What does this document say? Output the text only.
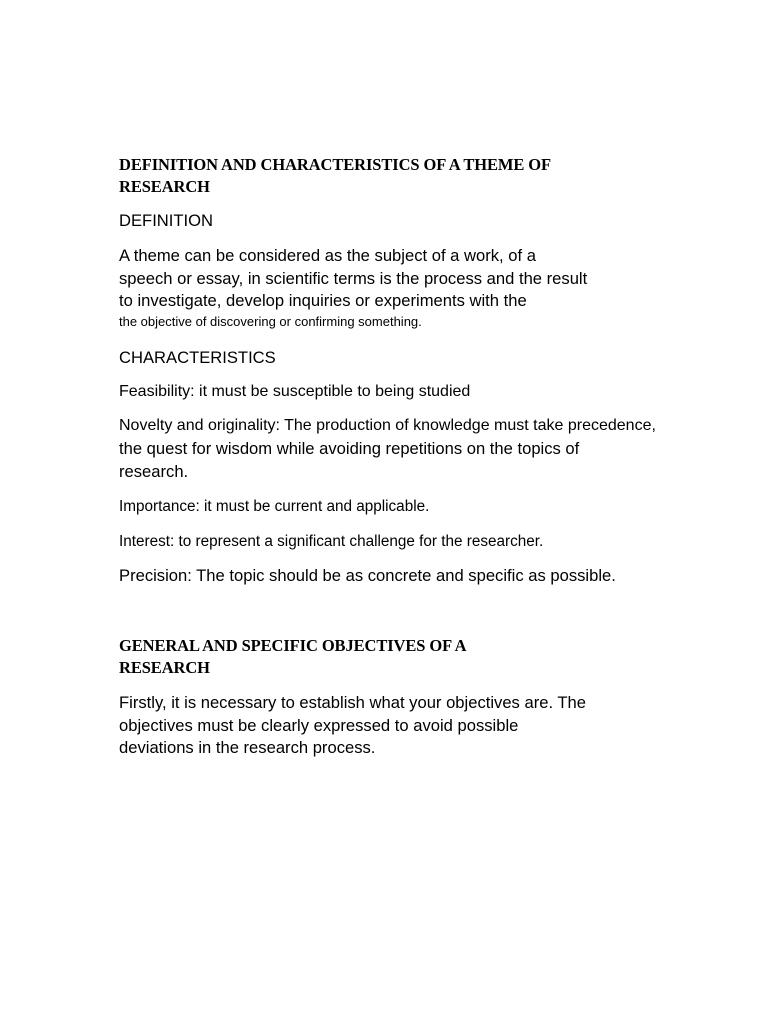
DEFINITION AND CHARACTERISTICS OF A THEME OF
RESEARCH
DEFINITION
A theme can be considered as the subject of a work, of a
speech or essay, in scientific terms is the process and the result
to investigate, develop inquiries or experiments with the
the objective of discovering or confirming something.
CHARACTERISTICS
Feasibility: it must be susceptible to being studied
Novelty and originality: The production of knowledge must take precedence,
the quest for wisdom while avoiding repetitions on the topics of
research.
Importance: it must be current and applicable.
Interest: to represent a significant challenge for the researcher.
Precision: The topic should be as concrete and specific as possible.
GENERAL AND SPECIFIC OBJECTIVES OF A
RESEARCH
Firstly, it is necessary to establish what your objectives are. The
objectives must be clearly expressed to avoid possible
deviations in the research process.
